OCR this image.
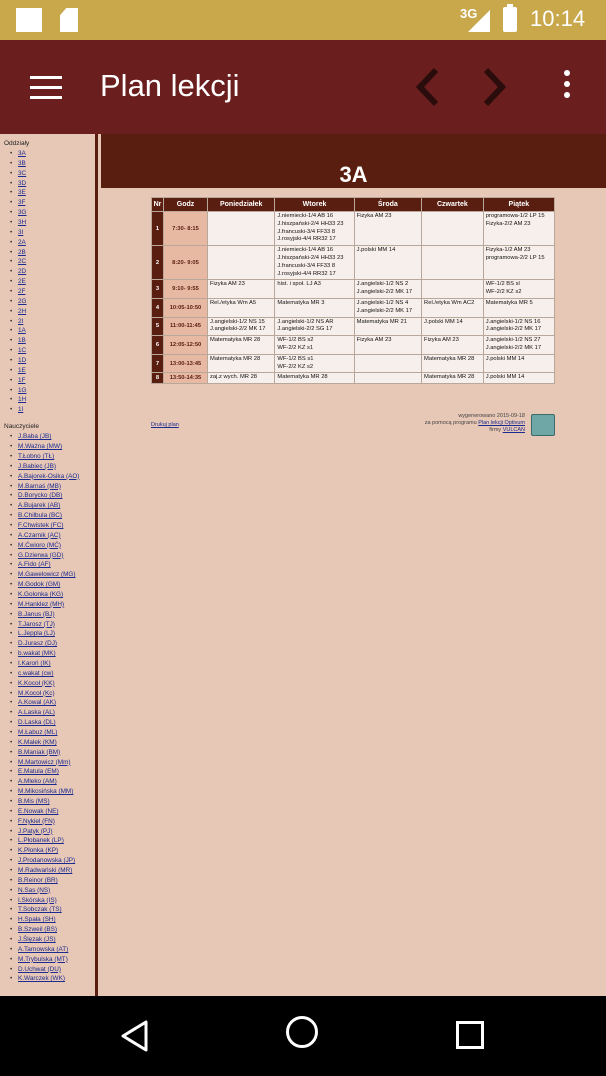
3G 10:14
Plan lekcji
Oddziały
• 3A
• 3B
• 3C
• 3D
• 3E
• 3F
• 3G
• 3H
• 3I
• 2A
• 2B
• 2C
• 2D
• 2E
• 2F
• 2G
• 2H
• 2I
• 1A
• 1B
• 1C
• 1D
• 1E
• 1F
• 1G
• 1H
• 1I
Nauczyciele
• J.Baba (JB)
• M.Ważna (MW)
• T.Łobno (TŁ)
• J.Babiec (JB)
• A.Bajorek-Osika (AO)
• M.Barnaś (MB)
• D.Borycko (DB)
• A.Bujarek (AB)
• B.Chilbula (BC)
• F.Chwistek (FC)
• A.Czarnik (AC)
• M.Ćwioro (MĆ)
• G.Dzierwa (GD)
• A.Fido (AF)
• M.Gawelowicz (MG)
• M.Godok (GM)
• K.Golonka (KG)
• M.Hanklez (MH)
• B.Janus (BJ)
• T.Jarosz (TJ)
• L.Jeppla (LJ)
• D.Jurasz (DJ)
• b.wakat (MK)
• I.Karoń (IK)
• c.wakat (cw)
• K.Kocoł (KK)
• M.Kocoł (Kc)
• A.Kowal (AK)
• A.Laska (AL)
• D.Laska (DL)
• M.Łabuz (ML)
• K.Malek (KM)
• B.Maniak (BM)
• M.Martowicz (Mm)
• E.Matula (EM)
• A.Mleko (AM)
• M.Mikosińska (MM)
• B.Mis (MS)
• E.Nowak (NE)
• F.Nykiel (FN)
• J.Patyk (PJ)
• L.Płobanek (LP)
• K.Płonka (KP)
• J.Prodanowska (JP)
• M.Radwański (MR)
• B.Reinor (BR)
• N.Sas (NS)
• I.Skórska (IS)
• T.Sobczak (TS)
• H.Spała (SH)
• B.Szweil (BS)
• J.Ślęzak (JS)
• A.Tarnowska (AT)
• M.Trybulska (MT)
• D.Uchwat (DU)
• K.Warczek (WK)
3A
Nr	Godz	Poniedziałek	Wtorek	Środa	Czwartek	Piątek
1	7:30- 8:15		J.niemiecki-1/4 AB 16
J.hiszpański-2/4 HH33 23
J.francuski-3/4 FF33 8
J.rosyjski-4/4 RR32 17	Fizyka AM 23		programowa-1/2 LP 15
Fizyka-2/2 AM 23

2	8:20- 9:05		J.niemiecki-1/4 AB 16
J.hiszpański-2/4 HH33 23
J.francuski-3/4 FF33 8
J.rosyjski-4/4 RR32 17	J.polski MM 14		Fizyka-1/2 AM 23
programowa-2/2 LP 15

3	9:10- 9:55	Fizyka AM 23	hist. i społ. LJ A3	J.angielski-1/2 NS 2
J.angielski-2/2 MK 17		WF-1/2 BS sl
WF-2/2 KZ s2

4	10:05-10:50	Rel./etyka Wm A5	Matematyka MR 3	J.angielski-1/2 NS 4
J.angielski-2/2 MK 17	Rel./etyka Wm AC2	Matematyka MR 5

5	11:00-11:45	J.angielski-1/2 NS 15
J.angielski-2/2 MK 17	J.angielski-1/2 NS AR
J.angielski-2/2 SG 17	Matematyka MR 21	J.polski MM 14	J.angielski-1/2 NS 16
J.angielski-2/2 MK 17

6	12:05-12:50	Matematyka MR 28	WF-1/2 BS s2
WF-2/2 KZ s1	Fizyka AM 23	Fizyka AM 23	J.angielski-1/2 NS 27
J.angielski-2/2 MK 17

7	13:00-13:45	Matematyka MR 28	WF-1/2 BS s1
WF-2/2 KZ s2		Matematyka MR 28	J.polski MM 14

8	13:50-14:35	zaj.z wych. MR 28	Matematyka MR 28		Matematyka MR 28	J.polski MM 14
Drukuj plan
wygenerowano 2015-09-18
za pomocą programu Plan lekcji Optivum
firmy VULCAN
